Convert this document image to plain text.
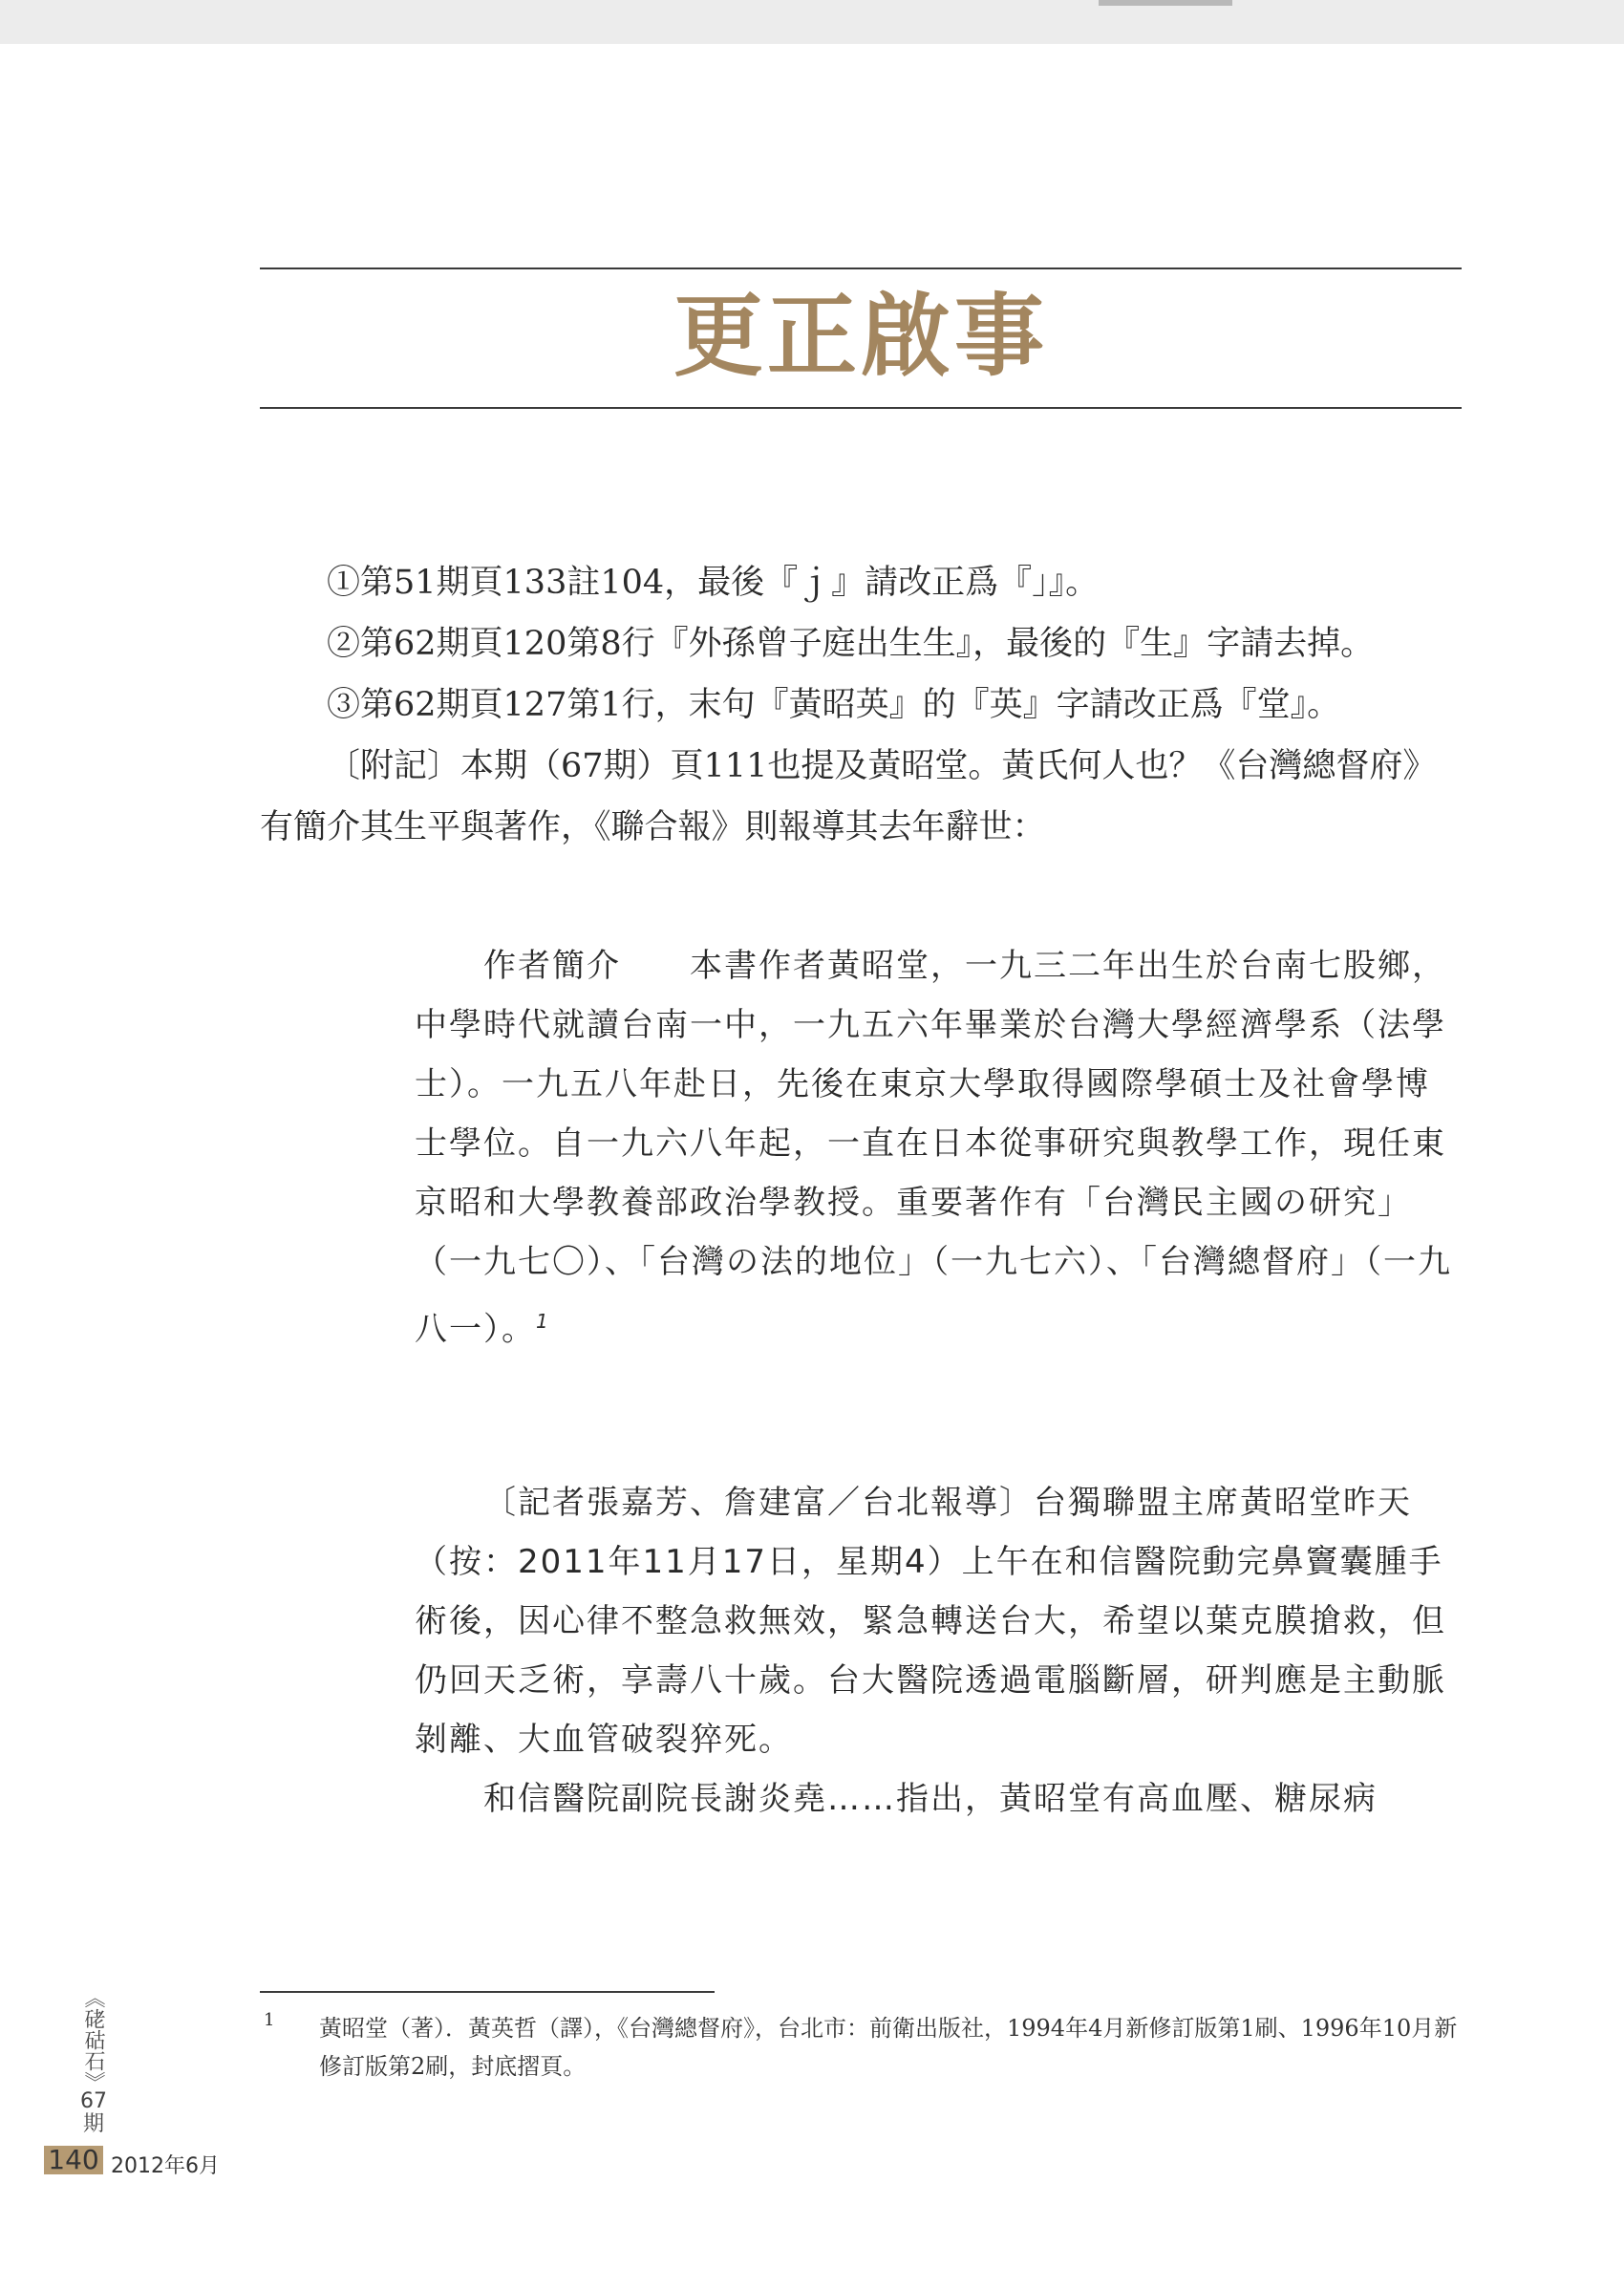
更正啟事

①第51期頁133註104，最後『ｊ』請改正爲『」』。

②第62期頁120第8行『外孫曾子庭出生生』，最後的『生』字請去掉。

③第62期頁127第1行，末句『黃昭英』的『英』字請改正爲『堂』。

〔附記〕本期（67期）頁111也提及黃昭堂。黃氏何人也？《台灣總督府》有簡介其生平與著作，《聯合報》則報導其去年辭世：

作者簡介　　本書作者黃昭堂，一九三二年出生於台南七股鄉，中學時代就讀台南一中，一九五六年畢業於台灣大學經濟學系（法學士）。一九五八年赴日，先後在東京大學取得國際學碩士及社會學博士學位。自一九六八年起，一直在日本從事研究與教學工作，現任東京昭和大學教養部政治學教授。重要著作有「台灣民主國の研究」（一九七〇）、「台灣の法的地位」（一九七六）、「台灣總督府」（一九八一）。$^1$

〔記者張嘉芳、詹建富／台北報導〕台獨聯盟主席黃昭堂昨天（按：2011年11月17日，星期4）上午在和信醫院動完鼻竇囊腫手術後，因心律不整急救無效，緊急轉送台大，希望以葉克膜搶救，但仍回天乏術，享壽八十歲。台大醫院透過電腦斷層，研判應是主動脈剝離、大血管破裂猝死。

和信醫院副院長謝炎堯……指出，黃昭堂有高血壓、糖尿病

1 黃昭堂（著）．黃英哲（譯），《台灣總督府》，台北市：前衛出版社，1994年4月新修訂版第1刷、1996年10月新修訂版第2刷，封底摺頁。
《硓𥑮石》
67
期
140 2012年6月
